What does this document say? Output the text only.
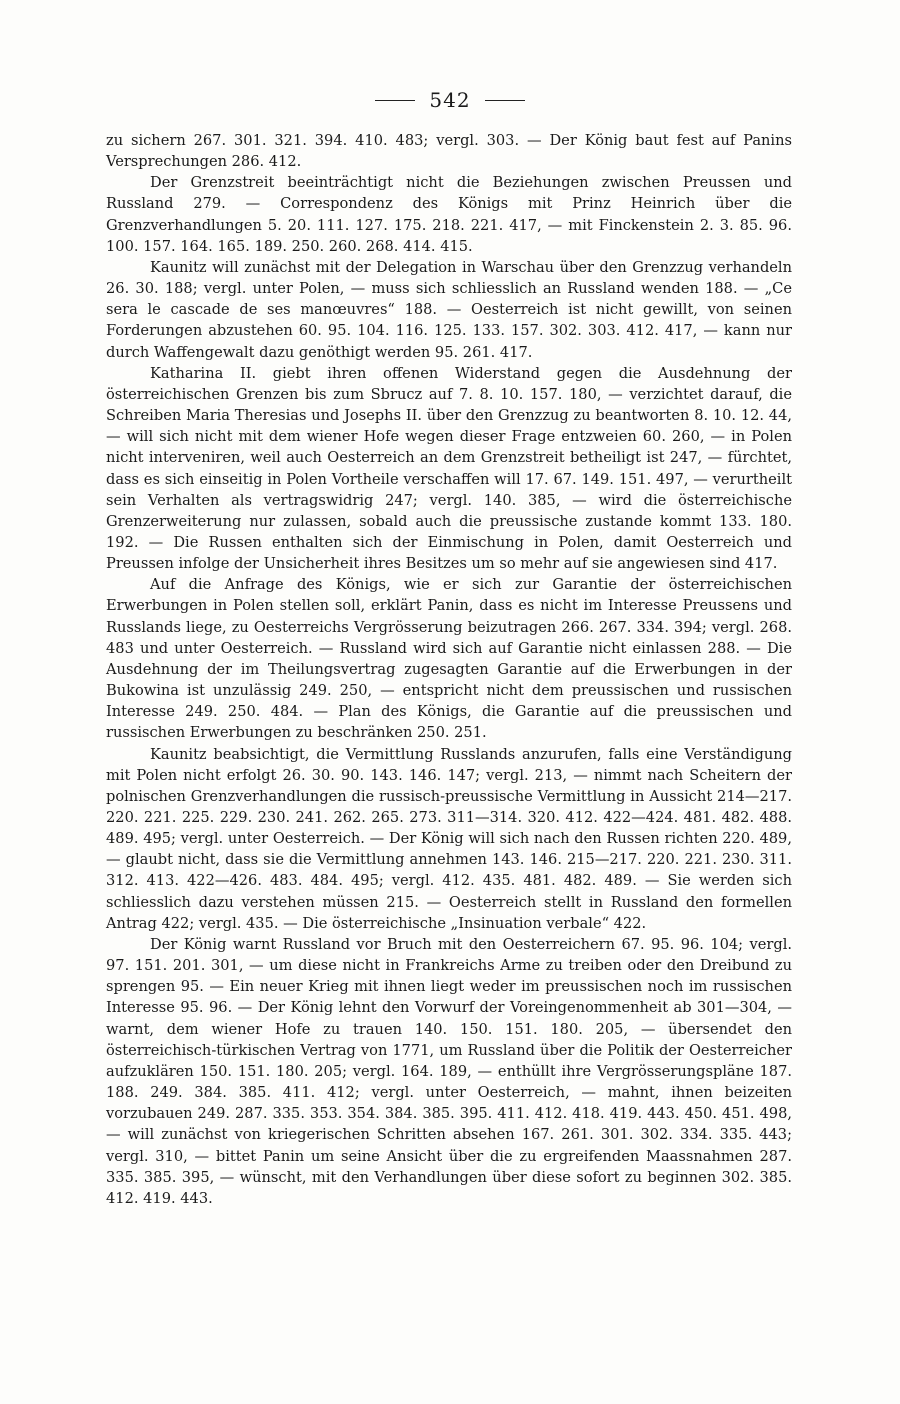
542

zu sichern 267. 301. 321. 394. 410. 483; vergl. 303. — Der König baut fest auf Panins Versprechungen 286. 412.

Der Grenzstreit beeinträchtigt nicht die Beziehungen zwischen Preussen und Russland 279. — Correspondenz des Königs mit Prinz Heinrich über die Grenzverhandlungen 5. 20. 111. 127. 175. 218. 221. 417, — mit Finckenstein 2. 3. 85. 96. 100. 157. 164. 165. 189. 250. 260. 268. 414. 415.

Kaunitz will zunächst mit der Delegation in Warschau über den Grenzzug verhandeln 26. 30. 188; vergl. unter Polen, — muss sich schliesslich an Russland wenden 188. — „Ce sera le cascade de ses manœuvres“ 188. — Oesterreich ist nicht gewillt, von seinen Forderungen abzustehen 60. 95. 104. 116. 125. 133. 157. 302. 303. 412. 417, — kann nur durch Waffengewalt dazu genöthigt werden 95. 261. 417.

Katharina II. giebt ihren offenen Widerstand gegen die Ausdehnung der österreichischen Grenzen bis zum Sbrucz auf 7. 8. 10. 157. 180, — verzichtet darauf, die Schreiben Maria Theresias und Josephs II. über den Grenzzug zu beantworten 8. 10. 12. 44, — will sich nicht mit dem wiener Hofe wegen dieser Frage entzweien 60. 260, — in Polen nicht interveniren, weil auch Oesterreich an dem Grenzstreit betheiligt ist 247, — fürchtet, dass es sich einseitig in Polen Vortheile verschaffen will 17. 67. 149. 151. 497, — verurtheilt sein Verhalten als vertragswidrig 247; vergl. 140. 385, — wird die österreichische Grenzerweiterung nur zulassen, sobald auch die preussische zustande kommt 133. 180. 192. — Die Russen enthalten sich der Einmischung in Polen, damit Oesterreich und Preussen infolge der Unsicherheit ihres Besitzes um so mehr auf sie angewiesen sind 417.

Auf die Anfrage des Königs, wie er sich zur Garantie der österreichischen Erwerbungen in Polen stellen soll, erklärt Panin, dass es nicht im Interesse Preussens und Russlands liege, zu Oesterreichs Vergrösserung beizutragen 266. 267. 334. 394; vergl. 268. 483 und unter Oesterreich. — Russland wird sich auf Garantie nicht einlassen 288. — Die Ausdehnung der im Theilungsvertrag zugesagten Garantie auf die Erwerbungen in der Bukowina ist unzulässig 249. 250, — entspricht nicht dem preussischen und russischen Interesse 249. 250. 484. — Plan des Königs, die Garantie auf die preussischen und russischen Erwerbungen zu beschränken 250. 251.

Kaunitz beabsichtigt, die Vermittlung Russlands anzurufen, falls eine Verständigung mit Polen nicht erfolgt 26. 30. 90. 143. 146. 147; vergl. 213, — nimmt nach Scheitern der polnischen Grenzverhandlungen die russisch-preussische Vermittlung in Aussicht 214—217. 220. 221. 225. 229. 230. 241. 262. 265. 273. 311—314. 320. 412. 422—424. 481. 482. 488. 489. 495; vergl. unter Oesterreich. — Der König will sich nach den Russen richten 220. 489, — glaubt nicht, dass sie die Vermittlung annehmen 143. 146. 215—217. 220. 221. 230. 311. 312. 413. 422—426. 483. 484. 495; vergl. 412. 435. 481. 482. 489. — Sie werden sich schliesslich dazu verstehen müssen 215. — Oesterreich stellt in Russland den formellen Antrag 422; vergl. 435. — Die österreichische „Insinuation verbale“ 422.

Der König warnt Russland vor Bruch mit den Oesterreichern 67. 95. 96. 104; vergl. 97. 151. 201. 301, — um diese nicht in Frankreichs Arme zu treiben oder den Dreibund zu sprengen 95. — Ein neuer Krieg mit ihnen liegt weder im preussischen noch im russischen Interesse 95. 96. — Der König lehnt den Vorwurf der Voreingenommenheit ab 301—304, — warnt, dem wiener Hofe zu trauen 140. 150. 151. 180. 205, — übersendet den österreichisch-türkischen Vertrag von 1771, um Russland über die Politik der Oesterreicher aufzuklären 150. 151. 180. 205; vergl. 164. 189, — enthüllt ihre Vergrösserungspläne 187. 188. 249. 384. 385. 411. 412; vergl. unter Oesterreich, — mahnt, ihnen beizeiten vorzubauen 249. 287. 335. 353. 354. 384. 385. 395. 411. 412. 418. 419. 443. 450. 451. 498, — will zunächst von kriegerischen Schritten absehen 167. 261. 301. 302. 334. 335. 443; vergl. 310, — bittet Panin um seine Ansicht über die zu ergreifenden Maassnahmen 287. 335. 385. 395, — wünscht, mit den Verhandlungen über diese sofort zu beginnen 302. 385. 412. 419. 443.
